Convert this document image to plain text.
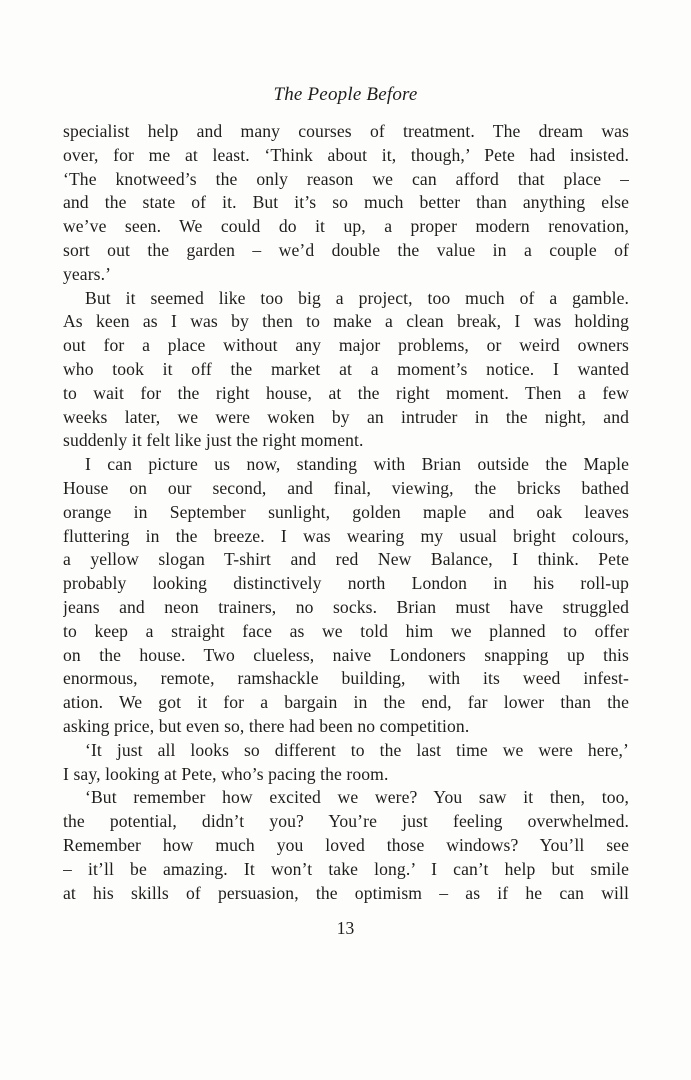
The People Before
specialist help and many courses of treatment. The dream was
over, for me at least. ‘Think about it, though,’ Pete had insisted.
‘The knotweed’s the only reason we can afford that place –
and the state of it. But it’s so much better than anything else
we’ve seen. We could do it up, a proper modern renovation,
sort out the garden – we’d double the value in a couple of
years.’
But it seemed like too big a project, too much of a gamble.
As keen as I was by then to make a clean break, I was holding
out for a place without any major problems, or weird owners
who took it off the market at a moment’s notice. I wanted
to wait for the right house, at the right moment. Then a few
weeks later, we were woken by an intruder in the night, and
suddenly it felt like just the right moment.
I can picture us now, standing with Brian outside the Maple
House on our second, and final, viewing, the bricks bathed
orange in September sunlight, golden maple and oak leaves
fluttering in the breeze. I was wearing my usual bright colours,
a yellow slogan T-shirt and red New Balance, I think. Pete
probably looking distinctively north London in his roll-up
jeans and neon trainers, no socks. Brian must have struggled
to keep a straight face as we told him we planned to offer
on the house. Two clueless, naive Londoners snapping up this
enormous, remote, ramshackle building, with its weed infest-
ation. We got it for a bargain in the end, far lower than the
asking price, but even so, there had been no competition.
‘It just all looks so different to the last time we were here,’
I say, looking at Pete, who’s pacing the room.
‘But remember how excited we were? You saw it then, too,
the potential, didn’t you? You’re just feeling overwhelmed.
Remember how much you loved those windows? You’ll see
– it’ll be amazing. It won’t take long.’ I can’t help but smile
at his skills of persuasion, the optimism – as if he can will
13
